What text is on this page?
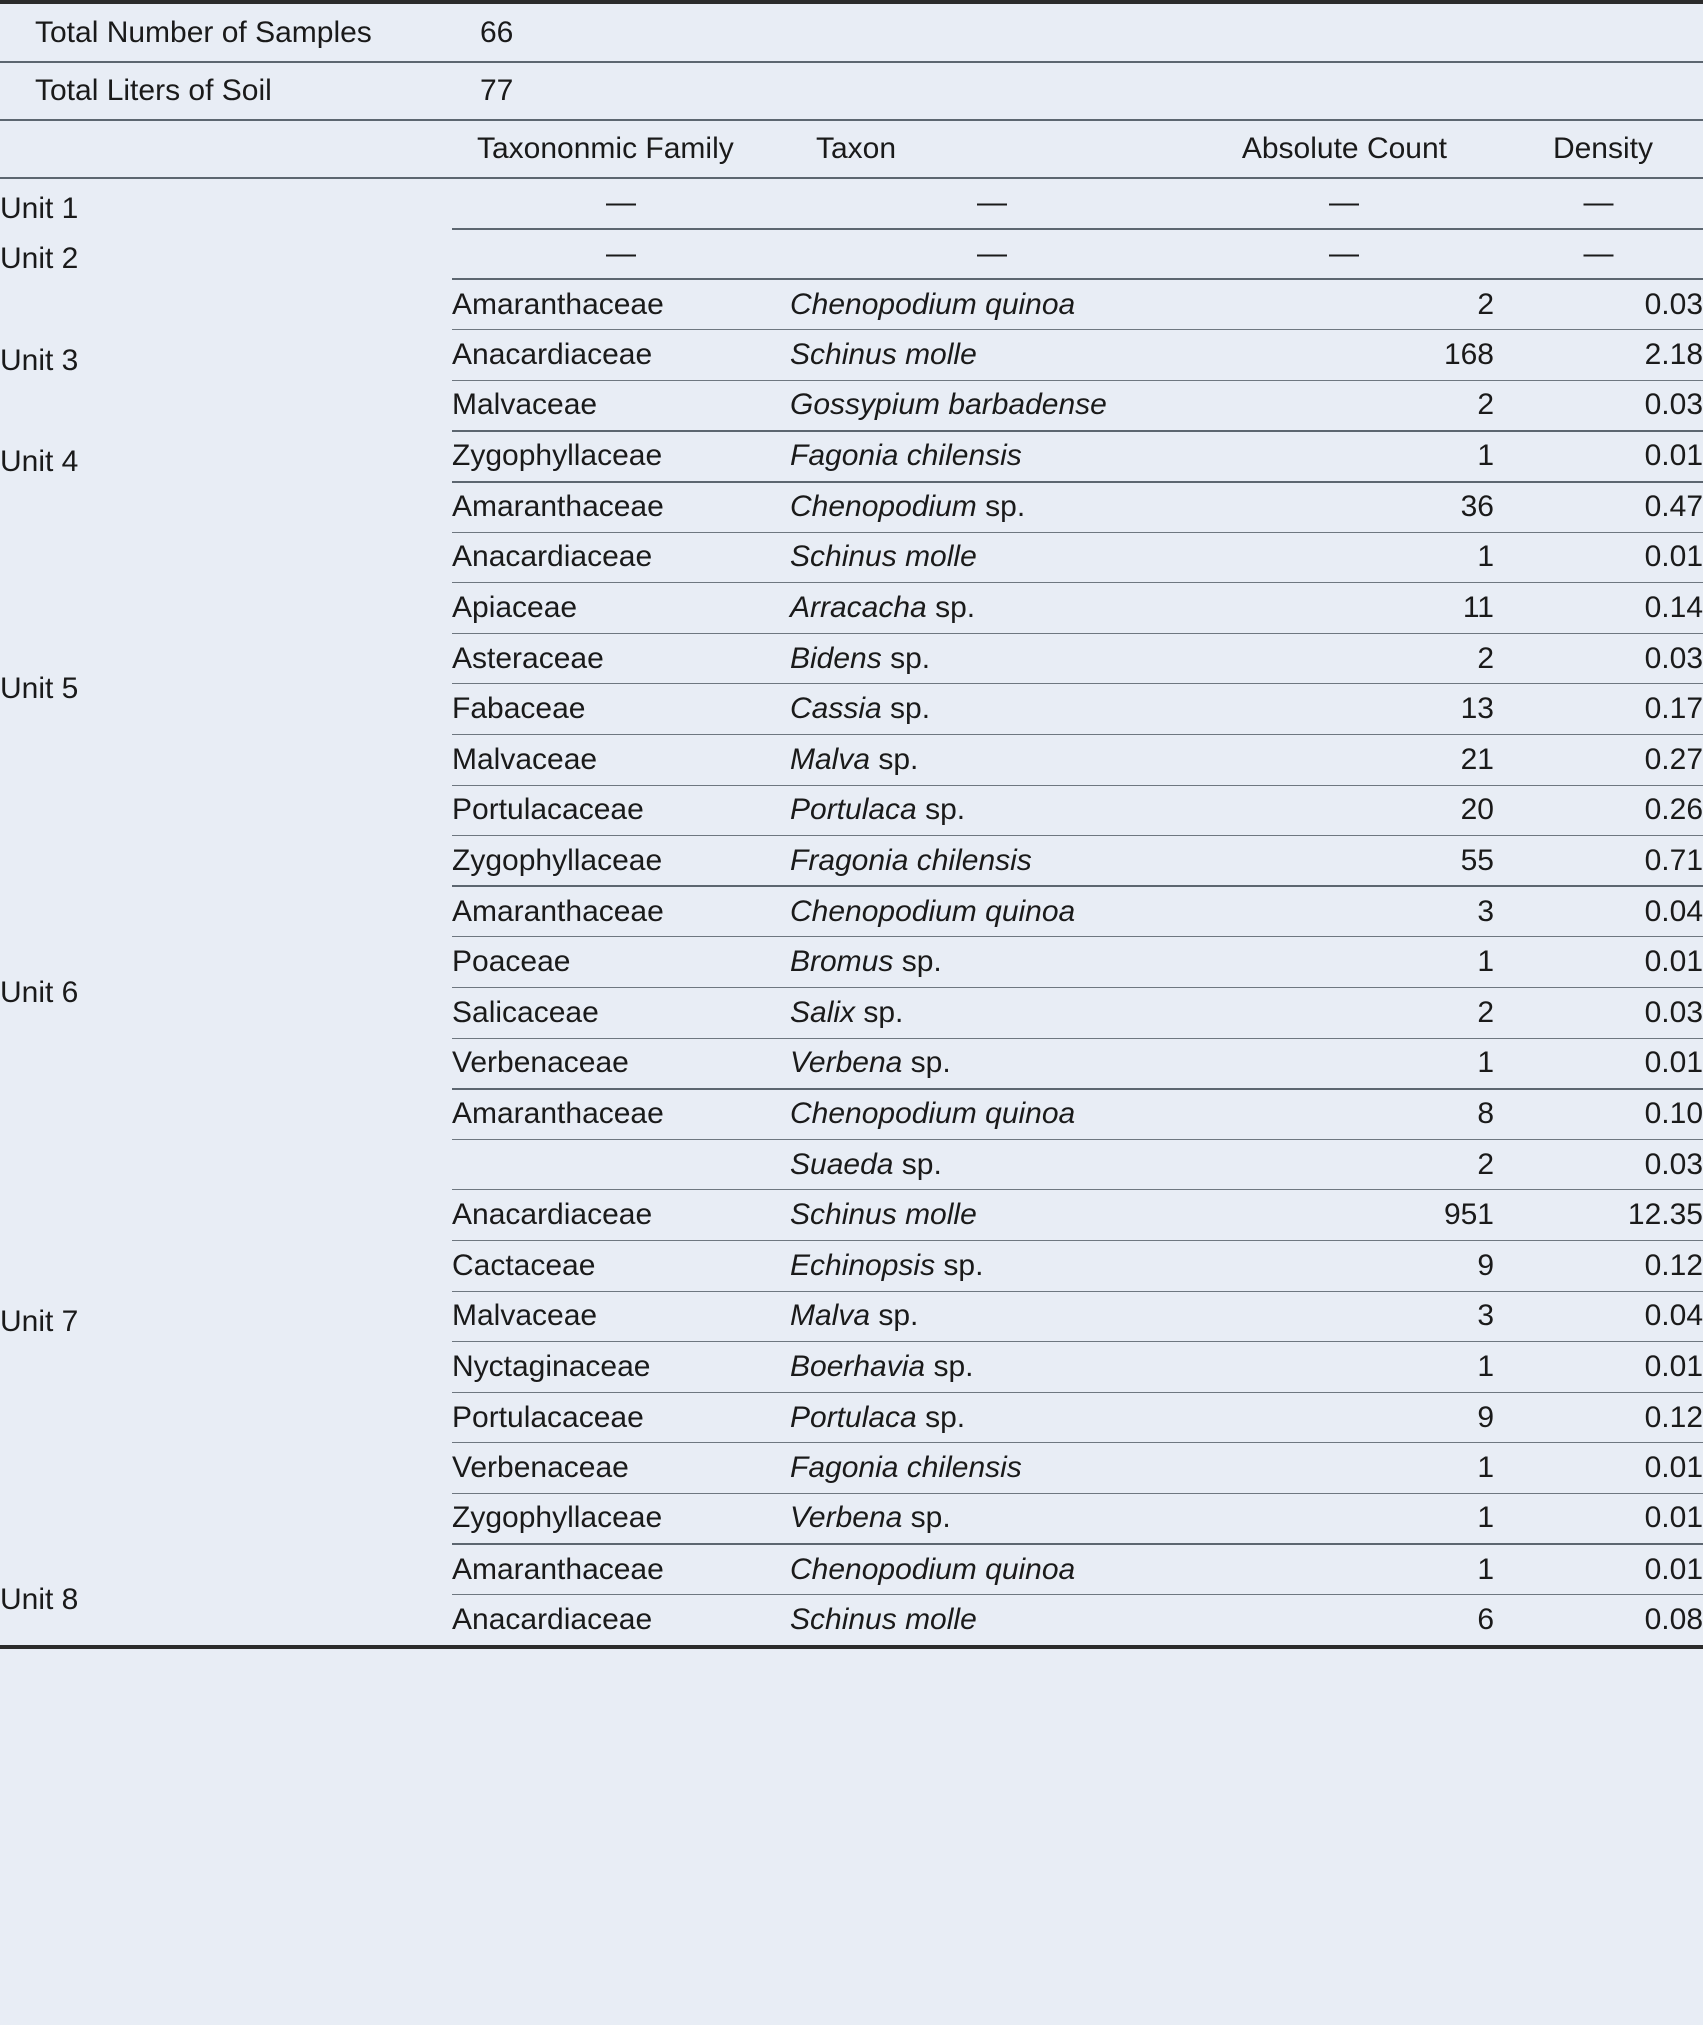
Total Number of Samples	66			
Total Liters of Soil	77			
	Taxononmic Family	Taxon	Absolute Count	Density

Unit 1	—	—	—	—

Unit 2	—	—	—	—

Unit 3	Amaranthaceae	Chenopodium quinoa	2	0.03
	Anacardiaceae	Schinus molle	168	2.18
	Malvaceae	Gossypium barbadense	2	0.03

Unit 4	Zygophyllaceae	Fagonia chilensis	1	0.01

Unit 5	Amaranthaceae	Chenopodium sp.	36	0.47
	Anacardiaceae	Schinus molle	1	0.01
	Apiaceae	Arracacha sp.	11	0.14
	Asteraceae	Bidens sp.	2	0.03
	Fabaceae	Cassia sp.	13	0.17
	Malvaceae	Malva sp.	21	0.27
	Portulacaceae	Portulaca sp.	20	0.26
	Zygophyllaceae	Fragonia chilensis	55	0.71

Unit 6	Amaranthaceae	Chenopodium quinoa	3	0.04
	Poaceae	Bromus sp.	1	0.01
	Salicaceae	Salix sp.	2	0.03
	Verbenaceae	Verbena sp.	1	0.01

Unit 7	Amaranthaceae	Chenopodium quinoa	8	0.10
		Suaeda sp.	2	0.03
	Anacardiaceae	Schinus molle	951	12.35
	Cactaceae	Echinopsis sp.	9	0.12
	Malvaceae	Malva sp.	3	0.04
	Nyctaginaceae	Boerhavia sp.	1	0.01
	Portulacaceae	Portulaca sp.	9	0.12
	Verbenaceae	Fagonia chilensis	1	0.01
	Zygophyllaceae	Verbena sp.	1	0.01

Unit 8	Amaranthaceae	Chenopodium quinoa	1	0.01
	Anacardiaceae	Schinus molle	6	0.08
